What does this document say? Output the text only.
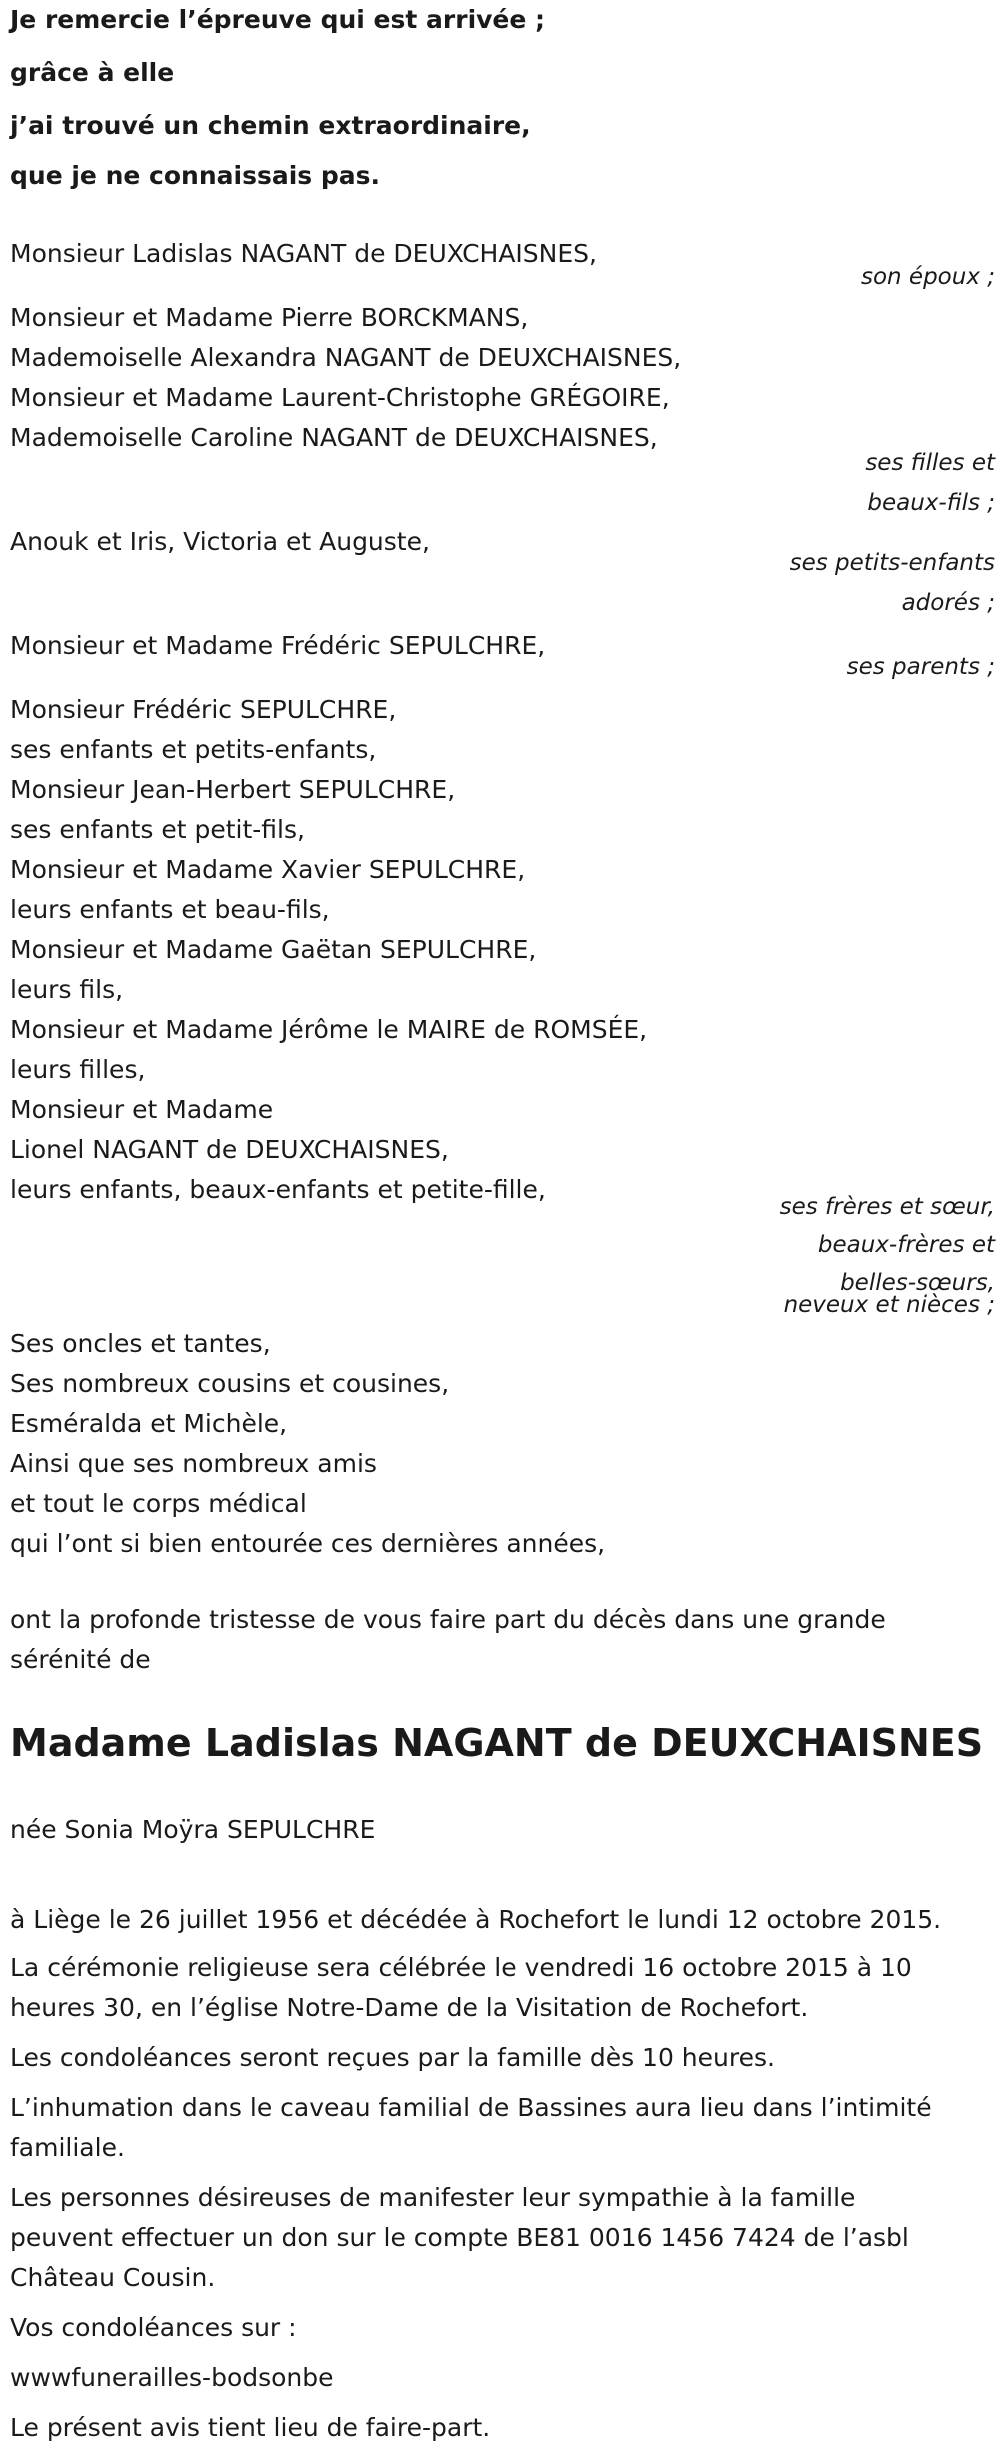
Je remercie l’épreuve qui est arrivée ;
grâce à elle
j’ai trouvé un chemin extraordinaire,
que je ne connaissais pas.
Monsieur Ladislas NAGANT de DEUXCHAISNES,
son époux ;
Monsieur et Madame Pierre BORCKMANS,
Mademoiselle Alexandra NAGANT de DEUXCHAISNES,
Monsieur et Madame Laurent-Christophe GRÉGOIRE,
Mademoiselle Caroline NAGANT de DEUXCHAISNES,
ses filles et
beaux-fils ;
Anouk et Iris, Victoria et Auguste,
ses petits-enfants
adorés ;
Monsieur et Madame Frédéric SEPULCHRE,
ses parents ;
Monsieur Frédéric SEPULCHRE,
ses enfants et petits-enfants,
Monsieur Jean-Herbert SEPULCHRE,
ses enfants et petit-fils,
Monsieur et Madame Xavier SEPULCHRE,
leurs enfants et beau-fils,
Monsieur et Madame Gaëtan SEPULCHRE,
leurs fils,
Monsieur et Madame Jérôme le MAIRE de ROMSÉE,
leurs filles,
Monsieur et Madame
Lionel NAGANT de DEUXCHAISNES,
leurs enfants, beaux-enfants et petite-fille,
ses frères et sœur,
beaux-frères et
belles-sœurs,
neveux et nièces ;
Ses oncles et tantes,
Ses nombreux cousins et cousines,
Esméralda et Michèle,
Ainsi que ses nombreux amis
et tout le corps médical
qui l’ont si bien entourée ces dernières années,
ont la profonde tristesse de vous faire part du décès dans une grande
sérénité de
Madame Ladislas NAGANT de DEUXCHAISNES
née Sonia Moÿra SEPULCHRE
à Liège le 26 juillet 1956 et décédée à Rochefort le lundi 12 octobre 2015.
La cérémonie religieuse sera célébrée le vendredi 16 octobre 2015 à 10
heures 30, en l’église Notre-Dame de la Visitation de Rochefort.
Les condoléances seront reçues par la famille dès 10 heures.
L’inhumation dans le caveau familial de Bassines aura lieu dans l’intimité
familiale.
Les personnes désireuses de manifester leur sympathie à la famille
peuvent effectuer un don sur le compte BE81 0016 1456 7424 de l’asbl
Château Cousin.
Vos condoléances sur :
wwwfunerailles-bodsonbe
Le présent avis tient lieu de faire-part.
